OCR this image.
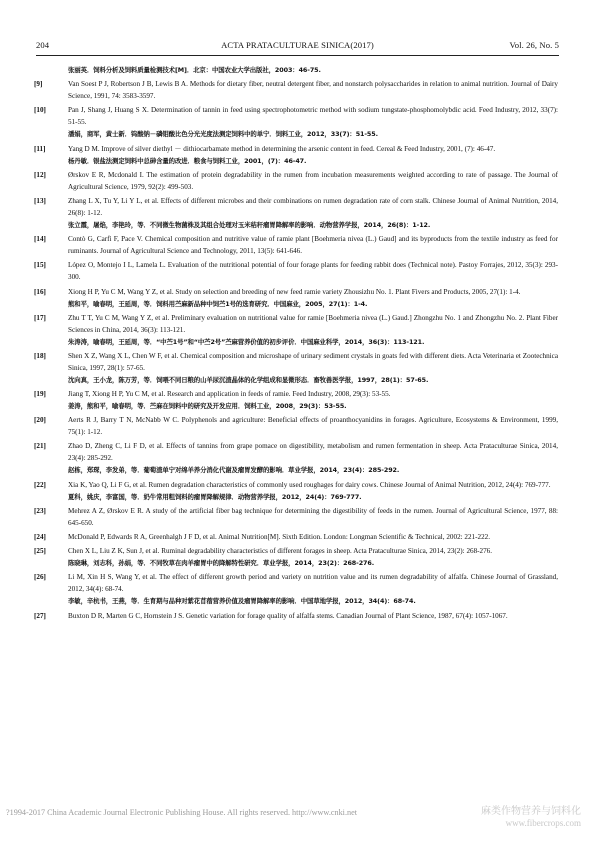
204	ACTA PRATACULTURAE SINICA(2017)	Vol. 26, No. 5
张丽英．饲料分析及饲料质量检测技术[M]．北京：中国农业大学出版社，2003：46-75.
[9]	Van Soest P J, Robertson J B, Lewis B A. Methods for dietary fiber, neutral detergent fiber, and nonstarch polysaccharides in relation to animal nutrition. Journal of Dairy Science, 1991, 74: 3583-3597.
[10]	Pan J, Shang J, Huang S X. Determination of tannin in feed using spectrophotometric method with sodium tungstate-phosphomolybdic acid. Feed Industry, 2012, 33(7): 51-55.
潘娟，商军，黄士新．钨酸钠－磷钼酸比色分光光度法测定饲料中的单宁．饲料工业，2012，33(7)：51-55.
[11]	Yang D M. Improve of silver diethyl － dithiocarbamate method in determining the arsenic content in feed. Cereal & Feed Industry, 2001, (7): 46-47.
杨丹敏．银盐法测定饲料中总砷含量的改进．粮食与饲料工业，2001，(7)：46-47.
[12]	Ørskov E R, Mcdonald I. The estimation of protein degradability in the rumen from incubation measurements weighted according to rate of passage. The Journal of Agricultural Science, 1979, 92(2): 499-503.
[13]	Zhang L X, Tu Y, Li Y L, et al. Effects of different microbes and their combinations on rumen degradation rate of corn stalk. Chinese Journal of Animal Nutrition, 2014, 26(8): 1-12.
张立霞，屠焰，李艳玲，等．不同微生物菌株及其组合处理对玉米秸秆瘤胃降解率的影响．动物营养学报，2014，26(8)：1-12.
[14]	Contò G, Carfì F, Pace V. Chemical composition and nutritive value of ramie plant [Boehmeria nivea (L.) Gaud] and its byproducts from the textile industry as feed for ruminants. Journal of Agricultural Science and Technology, 2011, 13(5): 641-646.
[15]	López O, Montejo I L, Lamela L. Evaluation of the nutritional potential of four forage plants for feeding rabbit does (Technical note). Pastoy Forrajes, 2012, 35(3): 293-300.
[16]	Xiong H P, Yu C M, Wang Y Z, et al. Study on selection and breeding of new feed ramie variety Zhousizhu No. 1. Plant Fivers and Products, 2005, 27(1): 1-4.
熊和平，喻春明，王延周，等．饲料用苎麻新品种中饲苎1号的选育研究．中国麻业，2005，27(1)：1-4.
[17]	Zhu T T, Yu C M, Wang Y Z, et al. Preliminary evaluation on nutritional value for ramie [Boehmeria nivea (L.) Gaud.] Zhongzhu No. 1 and Zhongzhu No. 2. Plant Fiber Sciences in China, 2014, 36(3): 113-121.
朱涛涛，喻春明，王延周，等．“中苎1号”和“中苎2号”苎麻营养价值的初步评价．中国麻业科学，2014，36(3)：113-121.
[18]	Shen X Z, Wang X L, Chen W F, et al. Chemical composition and microshape of urinary sediment crystals in goats fed with different diets. Acta Veterinaria et Zootechnica Sinica, 1997, 28(1): 57-65.
沈向真，王小龙，陈万芳，等．饲喂不同日粮的山羊尿沉渣晶体的化学组成和显微形态．畜牧兽医学报，1997，28(1)：57-65.
[19]	Jiang T, Xiong H P, Yu C M, et al. Research and application in feeds of ramie. Feed Industry, 2008, 29(3): 53-55.
姜涛，熊和平，喻春明，等．苎麻在饲料中的研究及开发应用．饲料工业，2008，29(3)：53-55.
[20]	Aerts R J, Barry T N, McNabb W C. Polyphenols and agriculture: Beneficial effects of proanthocyanidins in forages. Agriculture, Ecosystems & Environment, 1999, 75(1): 1-12.
[21]	Zhao D, Zheng C, Li F D, et al. Effects of tannins from grape pomace on digestibility, metabolism and rumen fermentation in sheep. Acta Prataculturae Sinica, 2014, 23(4): 285-292.
赵栋，郑琛，李发弟，等．葡萄渣单宁对绵羊养分消化代谢及瘤胃发酵的影响．草业学报，2014，23(4)：285-292.
[22]	Xia K, Yao Q, Li F G, et al. Rumen degradation characteristics of commonly used roughages for dairy cows. Chinese Journal of Animal Nutrition, 2012, 24(4): 769-777.
夏科，姚庆，李富国，等．奶牛常用粗饲料的瘤胃降解规律．动物营养学报，2012，24(4)：769-777.
[23]	Mehrez A Z, Ørskov E R. A study of the artificial fiber bag technique for determining the digestibility of feeds in the rumen. Journal of Agricultural Science, 1977, 88: 645-650.
[24]	McDonald P, Edwards R A, Greenhalgh J F D, et al. Animal Nutrition[M]. Sixth Edition. London: Longman Scientific & Technical, 2002: 221-222.
[25]	Chen X L, Liu Z K, Sun J, et al. Ruminal degradability characteristics of different forages in sheep. Acta Prataculturae Sinica, 2014, 23(2): 268-276.
陈晓琳，刘志科，孙娟，等．不同牧草在肉羊瘤胃中的降解特性研究．草业学报，2014，23(2)：268-276.
[26]	Li M, Xin H S, Wang Y, et al. The effect of different growth period and variety on nutrition value and its rumen degradability of alfalfa. Chinese Journal of Grassland, 2012, 34(4): 68-74.
李敏，辛杭书，王燕，等．生育期与品种对紫花苜蓿营养价值及瘤胃降解率的影响．中国草地学报，2012，34(4)：68-74.
[27]	Buxton D R, Marten G C, Hornstein J S. Genetic variation for forage quality of alfalfa stems. Canadian Journal of Plant Science, 1987, 67(4): 1057-1067.
?1994-2017 China Academic Journal Electronic Publishing House. All rights reserved. http://www.cnki.net	麻类作物营养与饲料化
www.fibercrops.com
